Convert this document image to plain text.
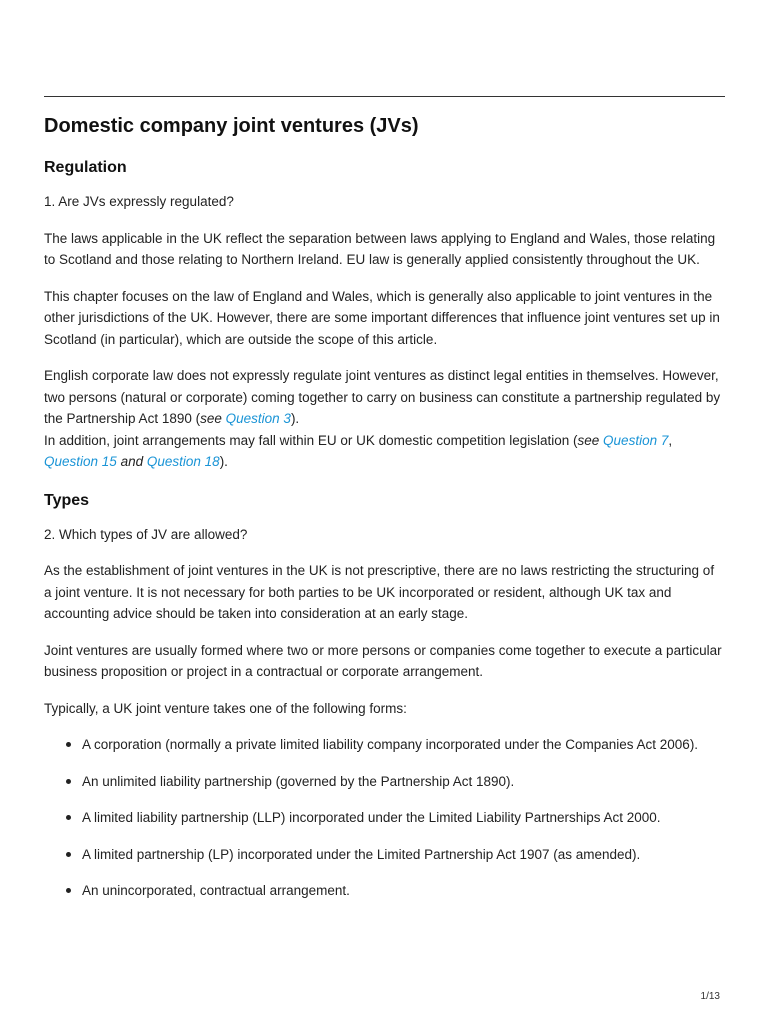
Domestic company joint ventures (JVs)
Regulation

1. Are JVs expressly regulated?

The laws applicable in the UK reflect the separation between laws applying to England and Wales, those relating to Scotland and those relating to Northern Ireland. EU law is generally applied consistently throughout the UK.

This chapter focuses on the law of England and Wales, which is generally also applicable to joint ventures in the other jurisdictions of the UK. However, there are some important differences that influence joint ventures set up in Scotland (in particular), which are outside the scope of this article.

English corporate law does not expressly regulate joint ventures as distinct legal entities in themselves. However, two persons (natural or corporate) coming together to carry on business can constitute a partnership regulated by the Partnership Act 1890 (see Question 3).
In addition, joint arrangements may fall within EU or UK domestic competition legislation (see Question 7,
Question 15 and Question 18).

Types

2. Which types of JV are allowed?

As the establishment of joint ventures in the UK is not prescriptive, there are no laws restricting the structuring of a joint venture. It is not necessary for both parties to be UK incorporated or resident, although UK tax and accounting advice should be taken into consideration at an early stage.

Joint ventures are usually formed where two or more persons or companies come together to execute a particular business proposition or project in a contractual or corporate arrangement.

Typically, a UK joint venture takes one of the following forms:

A corporation (normally a private limited liability company incorporated under the Companies Act 2006).
An unlimited liability partnership (governed by the Partnership Act 1890).
A limited liability partnership (LLP) incorporated under the Limited Liability Partnerships Act 2000.
A limited partnership (LP) incorporated under the Limited Partnership Act 1907 (as amended).
An unincorporated, contractual arrangement.
1/13
